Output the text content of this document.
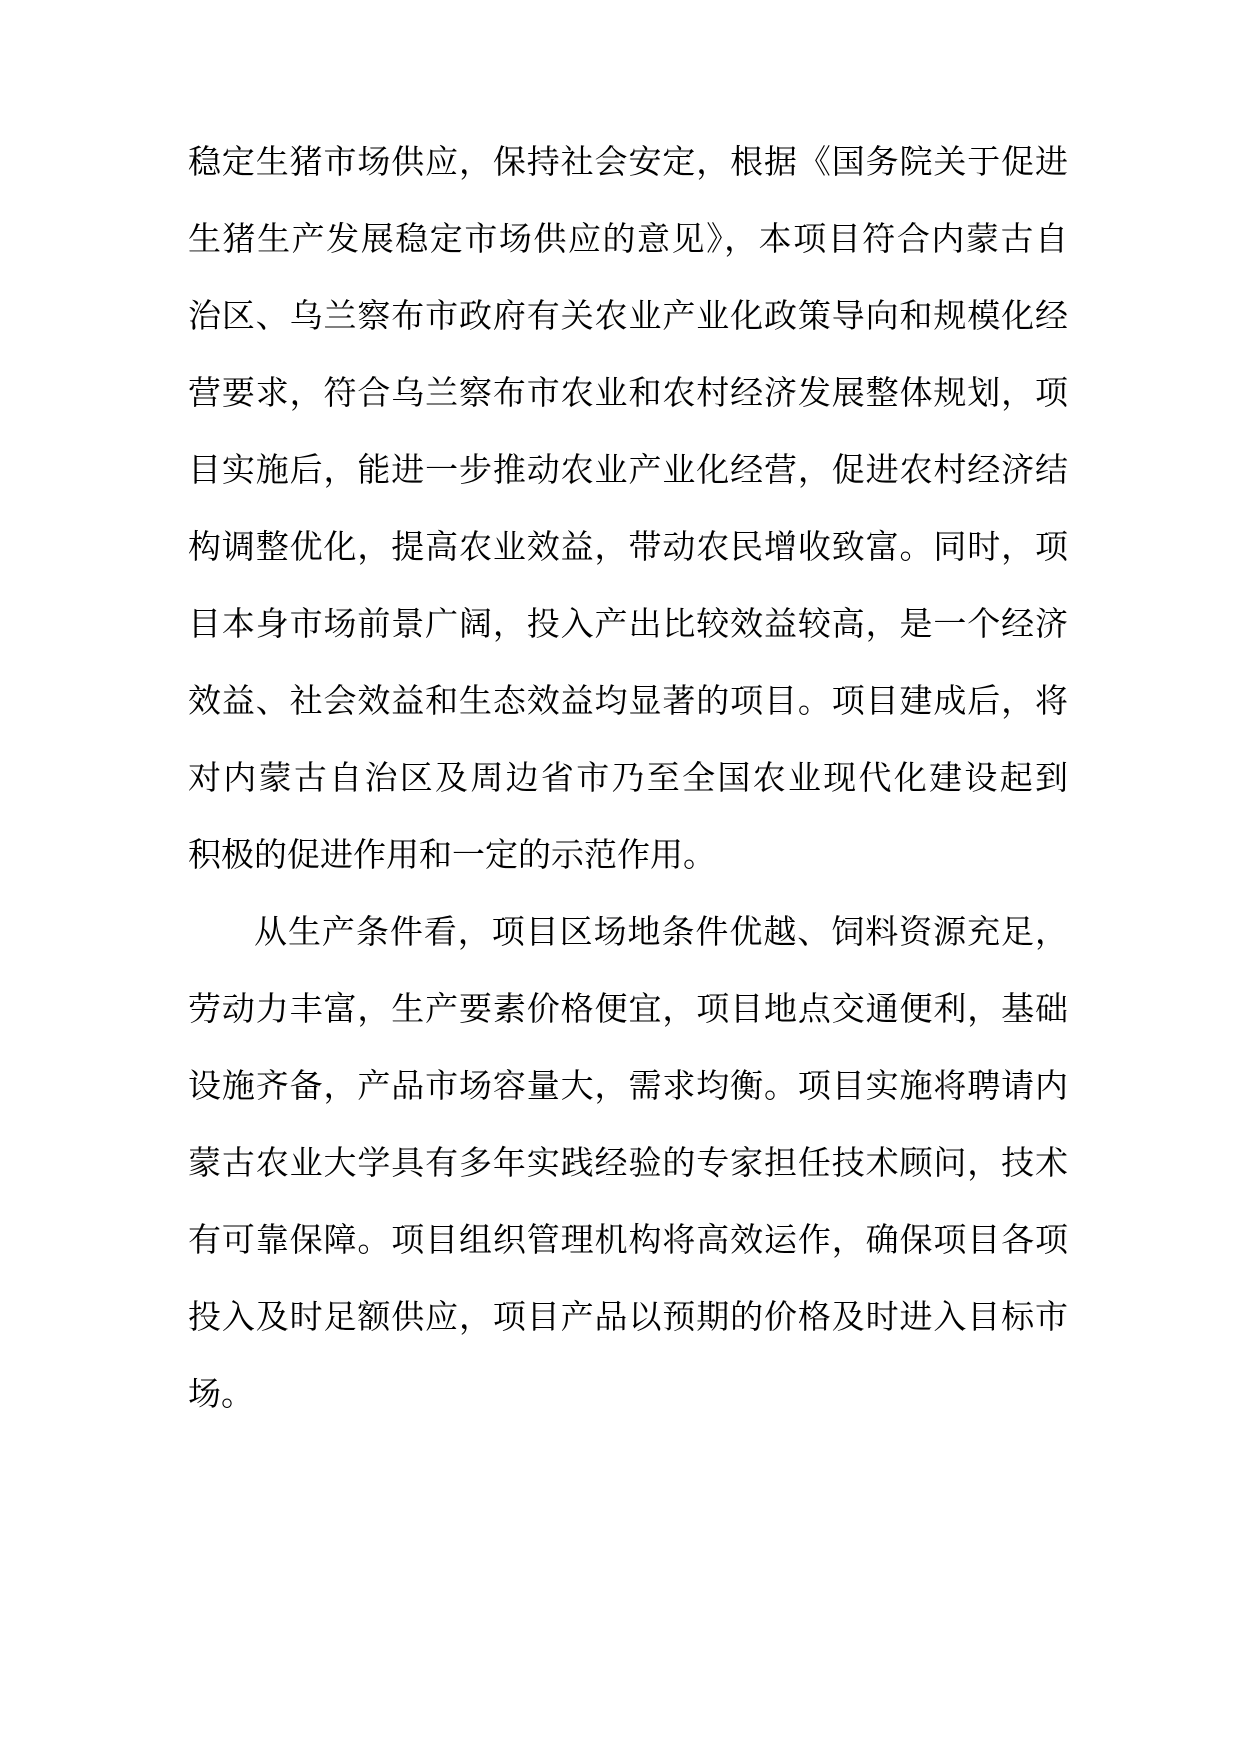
稳定生猪市场供应，保持社会安定，根据《国务院关于促进
生猪生产发展稳定市场供应的意见》，本项目符合内蒙古自
治区、乌兰察布市政府有关农业产业化政策导向和规模化经
营要求，符合乌兰察布市农业和农村经济发展整体规划，项
目实施后，能进一步推动农业产业化经营，促进农村经济结
构调整优化，提高农业效益，带动农民增收致富。同时，项
目本身市场前景广阔，投入产出比较效益较高，是一个经济
效益、社会效益和生态效益均显著的项目。项目建成后，将
对内蒙古自治区及周边省市乃至全国农业现代化建设起到
积极的促进作用和一定的示范作用。
从生产条件看，项目区场地条件优越、饲料资源充足，
劳动力丰富，生产要素价格便宜，项目地点交通便利，基础
设施齐备，产品市场容量大，需求均衡。项目实施将聘请内
蒙古农业大学具有多年实践经验的专家担任技术顾问，技术
有可靠保障。项目组织管理机构将高效运作，确保项目各项
投入及时足额供应，项目产品以预期的价格及时进入目标市
场。
